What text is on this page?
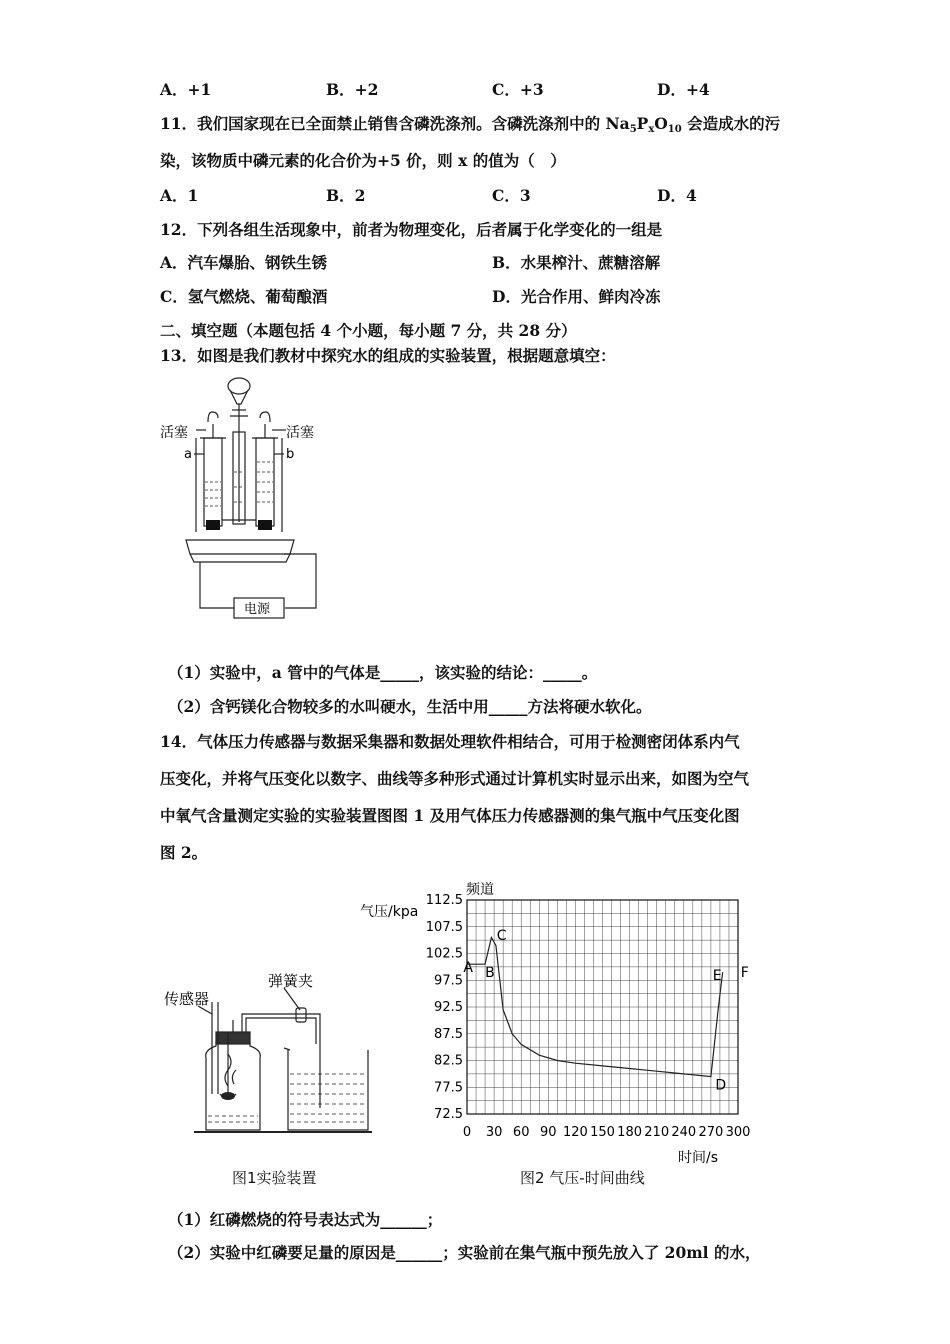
A．+1	B．+2	C．+3	D．+4
11．我们国家现在已全面禁止销售含磷洗涤剂。含磷洗涤剂中的 $Na_5P_xO_{10}$ 会造成水的污
染，该物质中磷元素的化合价为+5 价，则 x 的值为（　）
A．1	B．2	C．3	D．4
12．下列各组生活现象中，前者为物理变化，后者属于化学变化的一组是
A．汽车爆胎、钢铁生锈	B．水果榨汁、蔗糖溶解
C．氢气燃烧、葡萄酿酒	D．光合作用、鲜肉冷冻
二、填空题（本题包括 4 个小题，每小题 7 分，共 28 分）
13．如图是我们教材中探究水的组成的实验装置，根据题意填空：
活塞	活塞
a	b
电源
（1）实验中，a 管中的气体是_____，该实验的结论：_____。
（2）含钙镁化合物较多的水叫硬水，生活中用_____方法将硬水软化。
14．气体压力传感器与数据采集器和数据处理软件相结合，可用于检测密闭体系内气
压变化，并将气压变化以数字、曲线等多种形式通过计算机实时显示出来，如图为空气
中氧气含量测定实验的实验装置图图 1 及用气体压力传感器测的集气瓶中气压变化图
图 2。
传感器
弹簧夹
图1实验装置
112.5
107.5
102.5
97.5
92.5
87.5
82.5
77.5
72.5
0 30 60 90 120 150 180 210 240 270 300
气压/kpa
频道
时间/s
A B
C
D
E F
图2 气压-时间曲线
（1）红磷燃烧的符号表达式为______；
（2）实验中红磷要足量的原因是______；实验前在集气瓶中预先放入了 20ml 的水，
